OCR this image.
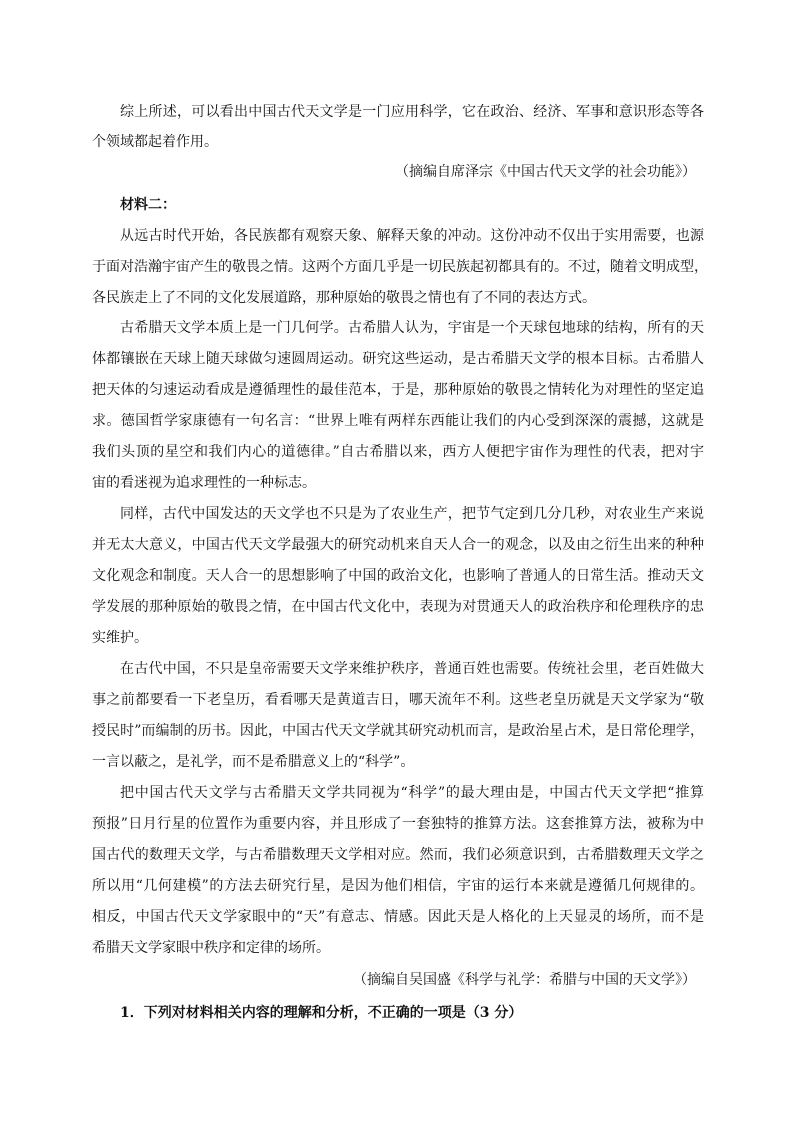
综上所述，可以看出中国古代天文学是一门应用科学，它在政治、经济、军事和意识形态等各
个领域都起着作用。
（摘编自席泽宗《中国古代天文学的社会功能》）
材料二：
从远古时代开始，各民族都有观察天象、解释天象的冲动。这份冲动不仅出于实用需要，也源
于面对浩瀚宇宙产生的敬畏之情。这两个方面几乎是一切民族起初都具有的。不过，随着文明成型，
各民族走上了不同的文化发展道路，那种原始的敬畏之情也有了不同的表达方式。
古希腊天文学本质上是一门几何学。古希腊人认为，宇宙是一个天球包地球的结构，所有的天
体都镶嵌在天球上随天球做匀速圆周运动。研究这些运动，是古希腊天文学的根本目标。古希腊人
把天体的匀速运动看成是遵循理性的最佳范本，于是，那种原始的敬畏之情转化为对理性的坚定追
求。德国哲学家康德有一句名言：“世界上唯有两样东西能让我们的内心受到深深的震撼，这就是
我们头顶的星空和我们内心的道德律。”自古希腊以来，西方人便把宇宙作为理性的代表，把对宇
宙的看迷视为追求理性的一种标志。
同样，古代中国发达的天文学也不只是为了农业生产，把节气定到几分几秒，对农业生产来说
并无太大意义，中国古代天文学最强大的研究动机来自天人合一的观念，以及由之衍生出来的种种
文化观念和制度。天人合一的思想影响了中国的政治文化，也影响了普通人的日常生活。推动天文
学发展的那种原始的敬畏之情，在中国古代文化中，表现为对贯通天人的政治秩序和伦理秩序的忠
实维护。
在古代中国，不只是皇帝需要天文学来维护秩序，普通百姓也需要。传统社会里，老百姓做大
事之前都要看一下老皇历，看看哪天是黄道吉日，哪天流年不利。这些老皇历就是天文学家为“敬
授民时”而编制的历书。因此，中国古代天文学就其研究动机而言，是政治星占术，是日常伦理学，
一言以蔽之，是礼学，而不是希腊意义上的“科学”。
把中国古代天文学与古希腊天文学共同视为“科学”的最大理由是，中国古代天文学把“推算
预报”日月行星的位置作为重要内容，并且形成了一套独特的推算方法。这套推算方法，被称为中
国古代的数理天文学，与古希腊数理天文学相对应。然而，我们必须意识到，古希腊数理天文学之
所以用“几何建模”的方法去研究行星，是因为他们相信，宇宙的运行本来就是遵循几何规律的。
相反，中国古代天文学家眼中的“天”有意志、情感。因此天是人格化的上天显灵的场所，而不是
希腊天文学家眼中秩序和定律的场所。
（摘编自吴国盛《科学与礼学：希腊与中国的天文学》）
1．下列对材料相关内容的理解和分析，不正确的一项是（3 分）
